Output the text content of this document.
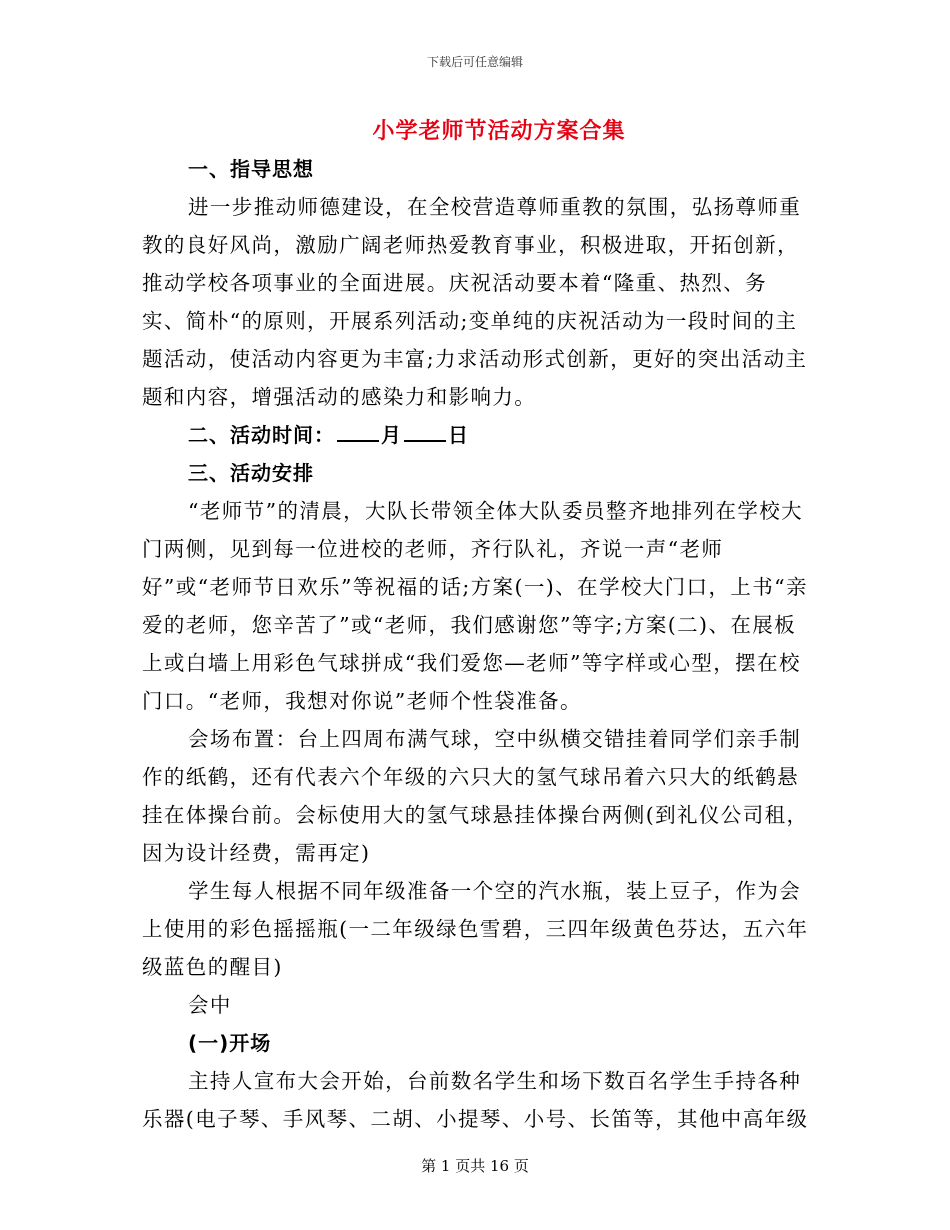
下载后可任意编辑
小学老师节活动方案合集

一、指导思想

进一步推动师德建设，在全校营造尊师重教的氛围，弘扬尊师重教的良好风尚，激励广阔老师热爱教育事业，积极进取，开拓创新，推动学校各项事业的全面进展。庆祝活动要本着“隆重、热烈、务实、简朴“的原则，开展系列活动;变单纯的庆祝活动为一段时间的主题活动，使活动内容更为丰富;力求活动形式创新，更好的突出活动主题和内容，增强活动的感染力和影响力。

二、活动时间： 月 日

三、活动安排

“老师节”的清晨，大队长带领全体大队委员整齐地排列在学校大门两侧，见到每一位进校的老师，齐行队礼，齐说一声“老师好”或“老师节日欢乐”等祝福的话;方案(一)、在学校大门口，上书“亲爱的老师，您辛苦了”或“老师，我们感谢您”等字;方案(二)、在展板上或白墙上用彩色气球拼成“我们爱您—老师”等字样或心型，摆在校门口。“老师，我想对你说”老师个性袋准备。

会场布置：台上四周布满气球，空中纵横交错挂着同学们亲手制作的纸鹤，还有代表六个年级的六只大的氢气球吊着六只大的纸鹤悬挂在体操台前。会标使用大的氢气球悬挂体操台两侧(到礼仪公司租，因为设计经费，需再定)

学生每人根据不同年级准备一个空的汽水瓶，装上豆子，作为会上使用的彩色摇摇瓶(一二年级绿色雪碧，三四年级黄色芬达，五六年级蓝色的醒目)

会中

(一)开场

主持人宣布大会开始，台前数名学生和场下数百名学生手持各种乐器(电子琴、手风琴、二胡、小提琴、小号、长笛等，其他中高年级

第 1 页共 16 页
